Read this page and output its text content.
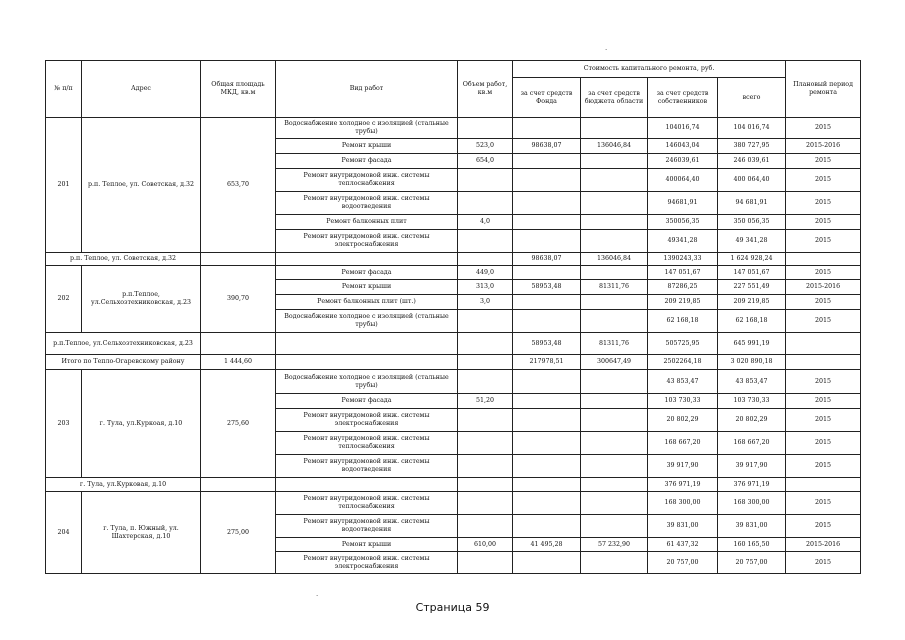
·
·
№ п/п	Адрес	Общая площадь МКД, кв.м	Вид работ	Объем работ, кв.м	Стоимость капитального ремонта, руб.				Плановый период ремонта
					за счет средств Фонда	за счет средств бюджета области	за счет средств собственников	всего	
201	р.п. Теплое, ул. Советская, д.32	653,70	Водоснабжение холодное с изоляцией (стальные трубы)				104016,74	104 016,74	2015
			Ремонт крыши	523,0	98638,07	136046,84	146043,04	380 727,95	2015-2016
			Ремонт фасада	654,0			246039,61	246 039,61	2015
			Ремонт внутридомовой инж. системы теплоснабжения				400064,40	400 064,40	2015
			Ремонт внутридомовой инж. системы водоотведения				94681,91	94 681,91	2015
			Ремонт балконных плит	4,0			350056,35	350 056,35	2015
			Ремонт внутридомовой инж. системы электроснабжения				49341,28	49 341,28	2015
р.п. Теплое, ул. Советская, д.32					98638,07	136046,84	1390243,33	1 624 928,24	
202	р.п.Теплое, ул.Сельхозтехниковская, д.23	390,70	Ремонт фасада	449,0			147 051,67	147 051,67	2015
			Ремонт крыши	313,0	58953,48	81311,76	87286,25	227 551,49	2015-2016
			Ремонт балконных плит (шт.)	3,0			209 219,85	209 219,85	2015
			Водоснабжение холодное с изоляцией (стальные трубы)				62 168,18	62 168,18	2015
р.п.Теплое, ул.Сельхозтехниковская, д.23					58953,48	81311,76	505725,95	645 991,19	
Итого по Тепло-Огаревскому району		1 444,60			217978,51	300647,49	2502264,18	3 020 890,18	
203	г. Тула, ул.Куркоая, д.10	275,60	Водоснабжение холодное с изоляцией (стальные трубы)				43 853,47	43 853,47	2015
			Ремонт фасада	51,20			103 730,33	103 730,33	2015
			Ремонт внутридомовой инж. системы электроснабжения				20 802,29	20 802,29	2015
			Ремонт внутридомовой инж. системы теплоснабжения				168 667,20	168 667,20	2015
			Ремонт внутридомовой инж. системы водоотведения				39 917,90	39 917,90	2015
г. Тула, ул.Курковая, д.10							376 971,19	376 971,19	
204	г. Тула, п. Южный, ул. Шахтерская, д.10	275,00	Ремонт внутридомовой инж. системы теплоснабжения				168 300,00	168 300,00	2015
			Ремонт внутридомовой инж. системы водоотведения				39 831,00	39 831,00	2015
			Ремонт крыши	610,00	41 495,28	57 232,90	61 437,32	160 165,50	2015-2016
			Ремонт внутридомовой инж. системы электроснабжения				20 757,00	20 757,00	2015
Страница 59
